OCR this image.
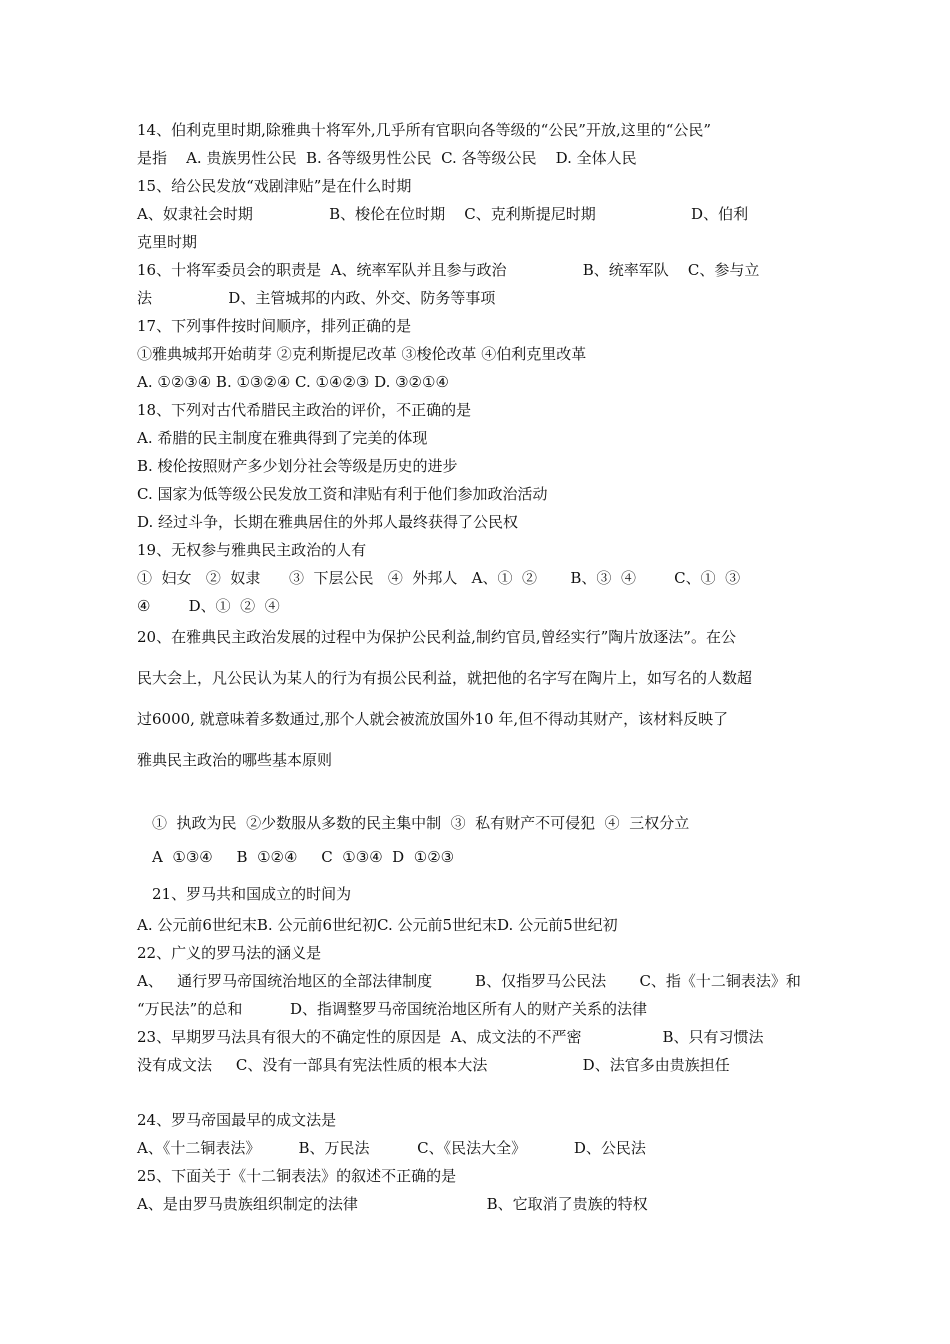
14、伯利克里时期,除雅典十将军外,几乎所有官职向各等级的“公民”开放,这里的“公民”
是指    A. 贵族男性公民  B. 各等级男性公民  C. 各等级公民    D. 全体人民
15、给公民发放“戏剧津贴”是在什么时期
A、奴隶社会时期                B、梭伦在位时期    C、克利斯提尼时期                    D、伯利
克里时期
16、十将军委员会的职责是  A、统率军队并且参与政治                B、统率军队    C、参与立
法                D、主管城邦的内政、外交、防务等事项
17、下列事件按时间顺序，排列正确的是
①雅典城邦开始萌芽 ②克利斯提尼改革 ③梭伦改革 ④伯利克里改革
A. ①②③④ B. ①③②④ C. ①④②③ D. ③②①④
18、下列对古代希腊民主政治的评价，不正确的是
A. 希腊的民主制度在雅典得到了完美的体现
B. 梭伦按照财产多少划分社会等级是历史的进步
C. 国家为低等级公民发放工资和津贴有利于他们参加政治活动
D. 经过斗争，长期在雅典居住的外邦人最终获得了公民权
19、无权参与雅典民主政治的人有
①  妇女   ②  奴隶      ③  下层公民   ④  外邦人   A、①  ②       B、③  ④        C、①  ③
④        D、①  ②  ④
20、在雅典民主政治发展的过程中为保护公民利益,制约官员,曾经实行”陶片放逐法”。在公
民大会上，凡公民认为某人的行为有损公民利益，就把他的名字写在陶片上，如写名的人数超
过6000, 就意味着多数通过,那个人就会被流放国外10 年,但不得动其财产，该材料反映了
雅典民主政治的哪些基本原则
①  执政为民  ②少数服从多数的民主集中制  ③  私有财产不可侵犯  ④  三权分立
A  ①③④     B  ①②④     C  ①③④  D  ①②③
21、罗马共和国成立的时间为
A. 公元前6世纪末B. 公元前6世纪初C. 公元前5世纪末D. 公元前5世纪初
22、广义的罗马法的涵义是
A、   通行罗马帝国统治地区的全部法律制度         B、仅指罗马公民法       C、指《十二铜表法》和
“万民法”的总和          D、指调整罗马帝国统治地区所有人的财产关系的法律
23、早期罗马法具有很大的不确定性的原因是  A、成文法的不严密                 B、只有习惯法
没有成文法     C、没有一部具有宪法性质的根本大法                    D、法官多由贵族担任
24、罗马帝国最早的成文法是
A、《十二铜表法》        B、万民法          C、《民法大全》          D、公民法
25、下面关于《十二铜表法》的叙述不正确的是
A、是由罗马贵族组织制定的法律                           B、它取消了贵族的特权
